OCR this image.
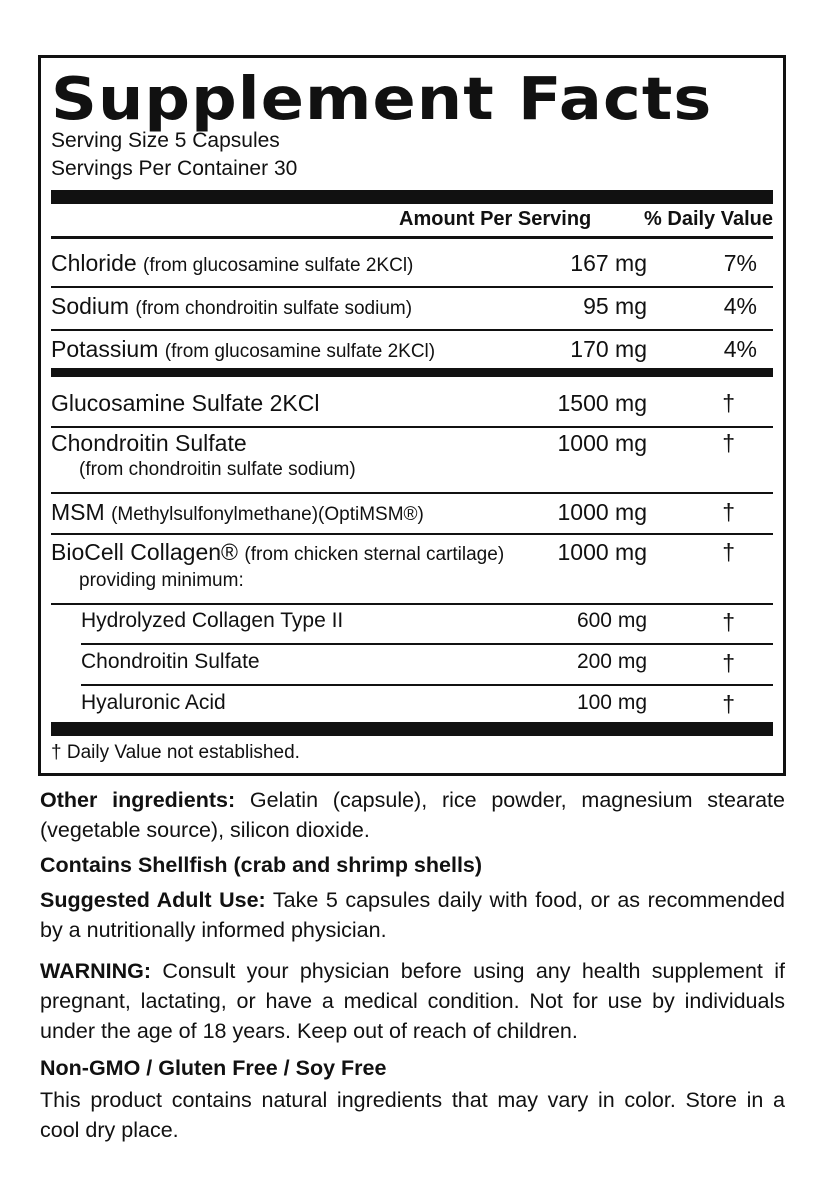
Supplement Facts
Serving Size 5 Capsules
Servings Per Container 30
Amount Per Serving	% Daily Value
Chloride (from glucosamine sulfate 2KCl)	167 mg	7%
Sodium (from chondroitin sulfate sodium)	95 mg	4%
Potassium (from glucosamine sulfate 2KCl)	170 mg	4%
Glucosamine Sulfate 2KCl	1500 mg	†
Chondroitin Sulfate
(from chondroitin sulfate sodium)
1000 mg	†
MSM (Methylsulfonylmethane)(OptiMSM®)	1000 mg	†
BioCell Collagen® (from chicken sternal cartilage)
providing minimum:
1000 mg	†
Hydrolyzed Collagen Type II	600 mg	†
Chondroitin Sulfate	200 mg	†
Hyaluronic Acid	100 mg	†
† Daily Value not established.
Other ingredients: Gelatin (capsule), rice powder, magnesium stearate (vegetable source), silicon dioxide.
Contains Shellfish (crab and shrimp shells)
Suggested Adult Use: Take 5 capsules daily with food, or as recommended by a nutritionally informed physician.
WARNING: Consult your physician before using any health supplement if pregnant, lactating, or have a medical condition. Not for use by individuals under the age of 18 years. Keep out of reach of children.
Non-GMO / Gluten Free / Soy Free
This product contains natural ingredients that may vary in color. Store in a cool dry place.
